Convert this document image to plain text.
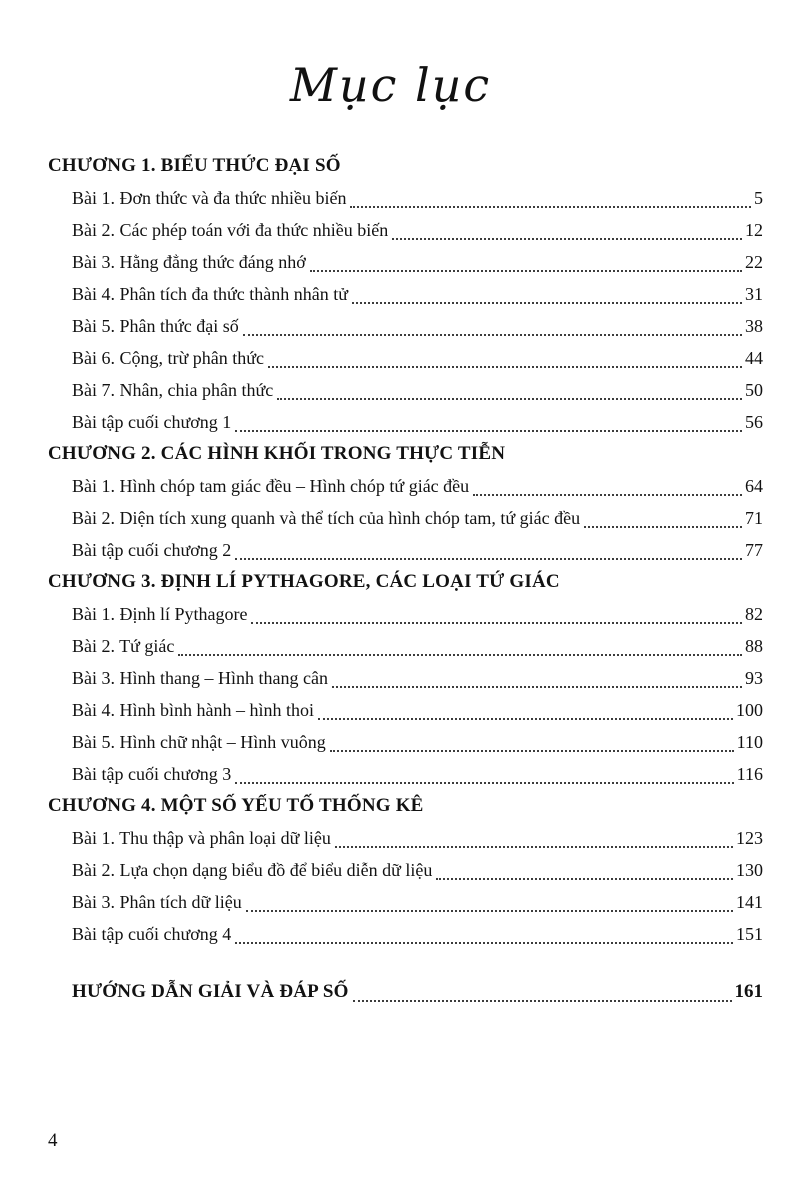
Mục lục
CHƯƠNG 1. BIỂU THỨC ĐẠI SỐ
Bài 1. Đơn thức và đa thức nhiều biến	5
Bài 2. Các phép toán với đa thức nhiều biến	12
Bài 3. Hằng đẳng thức đáng nhớ	22
Bài 4. Phân tích đa thức thành nhân tử	31
Bài 5. Phân thức đại số	38
Bài 6. Cộng, trừ phân thức	44
Bài 7. Nhân, chia phân thức	50
Bài tập cuối chương 1	56
CHƯƠNG 2. CÁC HÌNH KHỐI TRONG THỰC TIỄN
Bài 1. Hình chóp tam giác đều – Hình chóp tứ giác đều	64
Bài 2. Diện tích xung quanh và thể tích của hình chóp tam, tứ giác đều	71
Bài tập cuối chương 2	77
CHƯƠNG 3. ĐỊNH LÍ PYTHAGORE, CÁC LOẠI TỨ GIÁC
Bài 1. Định lí Pythagore	82
Bài 2. Tứ giác	88
Bài 3. Hình thang – Hình thang cân	93
Bài 4. Hình bình hành – hình thoi	100
Bài 5. Hình chữ nhật – Hình vuông	110
Bài tập cuối chương 3	116
CHƯƠNG 4. MỘT SỐ YẾU TỐ THỐNG KÊ
Bài 1. Thu thập và phân loại dữ liệu	123
Bài 2. Lựa chọn dạng biểu đồ để biểu diễn dữ liệu	130
Bài 3. Phân tích dữ liệu	141
Bài tập cuối chương 4	151
HƯỚNG DẪN GIẢI VÀ ĐÁP SỐ	161
4
